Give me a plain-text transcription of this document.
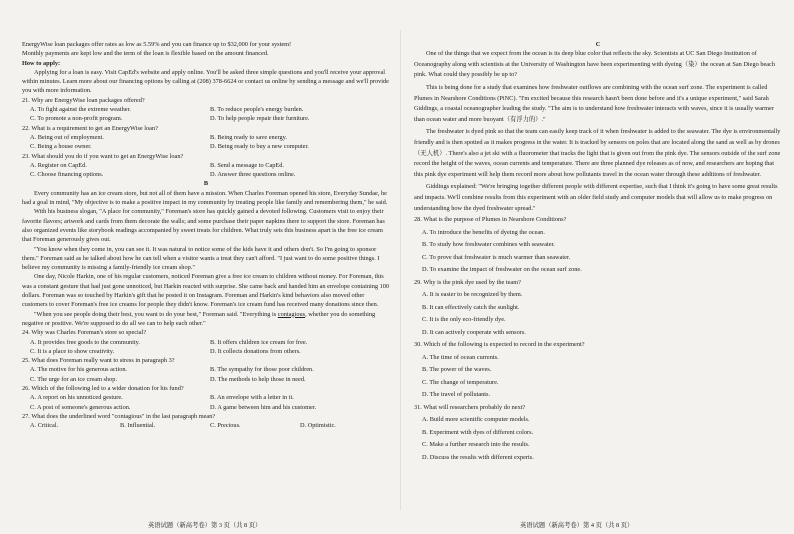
EnergyWise loan packages offer rates as low as 5.59% and you can finance up to $32,000 for your system!

Monthly payments are kept low and the term of the loan is flexible based on the amount financed.

How to apply:

Applying for a loan is easy. Visit CapEd's website and apply online. You'll be asked three simple questions and you'll receive your approval within minutes. Learn more about our financing options by calling at (208) 378-6624 or contact us online by sending a message and we'll provide you with more information.

21. Why are EnergyWise loan packages offered?

A. To fight against the extreme weather.	B. To reduce people's energy burden.
C. To promote a non-profit program.	D. To help people repair their furniture.

22. What is a requirement to get an EnergyWise loan?

A. Being out of employment.	B. Being ready to save energy.
C. Being a house owner.	D. Being ready to buy a new computer.

23. What should you do if you want to get an EnergyWise loan?

A. Register on CapEd.	B. Send a message to CapEd.
C. Choose financing options.	D. Answer three questions online.

B

Every community has an ice cream store, but not all of them have a mission. When Charles Foreman opened his store, Everyday Sundae, he had a goal in mind, "My objective is to make a positive impact in my community by treating people like family and remembering them," he said.

With his business slogan, "A place for community," Foreman's store has quickly gained a devoted following. Customers visit to enjoy their favorite flavors; artwork and cards from them decorate the walls; and some purchase their paper napkins there to support the store. Foreman has also organized events like storybook readings accompanied by sweet treats for children. What truly sets this business apart is the free ice cream that Foreman generously gives out.

"You know when they come in, you can see it. It was natural to notice some of the kids have it and others don't. So I'm going to sponsor them." Foreman said as he talked about how he can tell when a visitor wants a treat they can't afford. "I just want to do some positive things. I believe my community is missing a family-friendly ice cream shop."

One day, Nicole Harkin, one of his regular customers, noticed Foreman give a free ice cream to children without money. For Foreman, this was a constant gesture that had just gone unnoticed, but Harkin reacted with surprise. She came back and handed him an envelope containing 100 dollars. Foreman was so touched by Harkin's gift that he posted it on Instagram. Foreman and Harkin's kind behaviors also moved other customers to cover Foreman's free ice creams for people they didn't know. Foreman's ice cream fund has received many donations since then.

"When you see people doing their best, you want to do your best," Foreman said. "Everything is contagious, whether you do something negative or positive. We're supposed to do all we can to help each other."

24. Why was Charles Foreman's store so special?

A. It provides free goods to the community.	B. It offers children ice cream for free.
C. It is a place to show creativity.	D. It collects donations from others.

25. What does Foreman really want to stress in paragraph 3?

A. The motive for his generous action.	B. The sympathy for those poor children.
C. The urge for an ice cream shop.	D. The methods to help those in need.

26. Which of the following led to a wider donation for his fund?

A. A report on his unnoticed gesture.	B. An envelope with a letter in it.
C. A post of someone's generous action.	D. A game between him and his customer.

27. What does the underlined word "contagious" in the last paragraph mean?

A. Critical.	B. Influential.	C. Precious.	D. Optimistic.
英语试题（新高考卷）第 3 页（共 8 页）

C

One of the things that we expect from the ocean is its deep blue color that reflects the sky. Scientists at UC San Diego Institution of Oceanography along with scientists at the University of Washington have been experimenting with dyeing（染）the ocean at San Diego beach pink. What could they possibly be up to?

This is being done for a study that examines how freshwater outflows are combining with the ocean surf zone. The experiment is called Plumes in Nearshore Conditions (PiNC). "I'm excited because this research hasn't been done before and it's a unique experiment," said Sarah Giddings, a coastal oceanographer leading the study. "The aim is to understand how freshwater interacts with waves, since it is usually warmer than ocean water and more buoyant（有浮力的）."

The freshwater is dyed pink so that the team can easily keep track of it when freshwater is added to the seawater. The dye is environmentally friendly and is then spotted as it makes progress in the water. It is tracked by sensors on poles that are located along the sand as well as by drones（无人机）. There's also a jet ski with a fluorometer that tracks the light that is given out from the pink dye. The sensors outside of the surf zone record the height of the waves, ocean currents and temperature. There are three planned dye releases as of now, and researchers are hoping that this pink dye experiment will help them record more about how pollutants travel in the ocean water through these additions of freshwater.

Giddings explained: "We're bringing together different people with different expertise, such that I think it's going to have some great results and impacts. We'll combine results from this experiment with an older field study and computer models that will allow us to make progress on understanding how the dyed freshwater spread."

28. What is the purpose of Plumes in Nearshore Conditions?

A. To introduce the benefits of dyeing the ocean.
B. To study how freshwater combines with seawater.
C. To prove that freshwater is much warmer than seawater.
D. To examine the impact of freshwater on the ocean surf zone.

29. Why is the pink dye used by the team?

A. It is easier to be recognized by them.
B. It can effectively catch the sunlight.
C. It is the only eco-friendly dye.
D. It can actively cooperate with sensors.

30. Which of the following is expected to record in the experiment?

A. The time of ocean currents.
B. The power of the waves.
C. The change of temperature.
D. The travel of pollutants.

31. What will researchers probably do next?

A. Build more scientific computer models.
B. Experiment with dyes of different colors.
C. Make a further research into the results.
D. Discuss the results with different experts.
英语试题（新高考卷）第 4 页（共 8 页）
